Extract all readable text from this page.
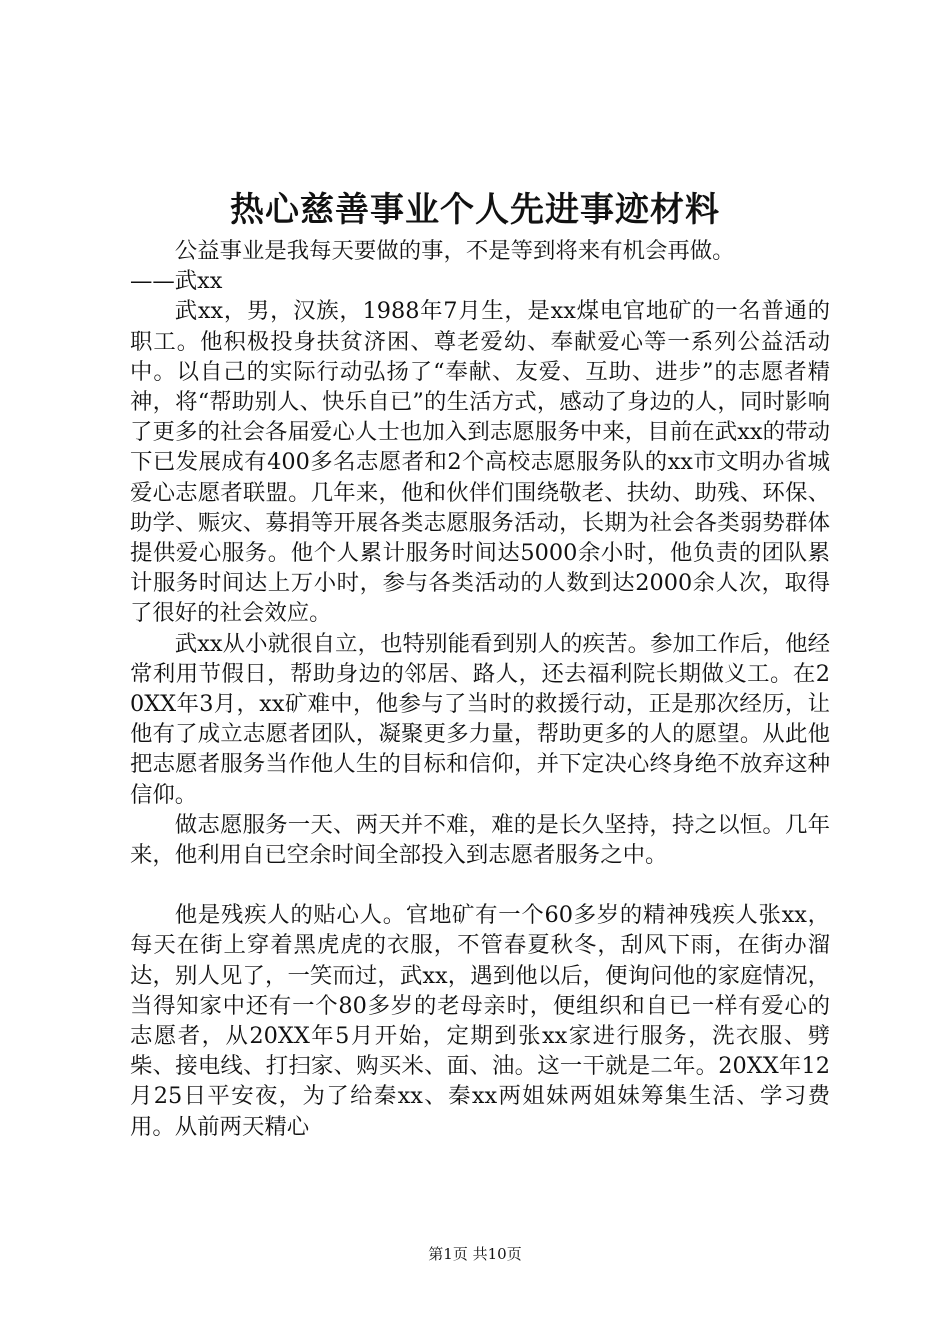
热心慈善事业个人先进事迹材料

公益事业是我每天要做的事，不是等到将来有机会再做。

——武xx

武xx，男，汉族，1988年7月生，是xx煤电官地矿的一名普通的职工。他积极投身扶贫济困、尊老爱幼、奉献爱心等一系列公益活动中。以自己的实际行动弘扬了“奉献、友爱、互助、进步”的志愿者精神，将“帮助别人、快乐自已”的生活方式，感动了身边的人，同时影响了更多的社会各届爱心人士也加入到志愿服务中来，目前在武xx的带动下已发展成有400多名志愿者和2个高校志愿服务队的xx市文明办省城爱心志愿者联盟。几年来，他和伙伴们围绕敬老、扶幼、助残、环保、助学、赈灾、募捐等开展各类志愿服务活动，长期为社会各类弱势群体提供爱心服务。他个人累计服务时间达5000余小时，他负责的团队累计服务时间达上万小时，参与各类活动的人数到达2000余人次，取得了很好的社会效应。

武xx从小就很自立，也特别能看到别人的疾苦。参加工作后，他经常利用节假日，帮助身边的邻居、路人，还去福利院长期做义工。在20XX年3月，xx矿难中，他参与了当时的救援行动，正是那次经历，让他有了成立志愿者团队，凝聚更多力量，帮助更多的人的愿望。从此他把志愿者服务当作他人生的目标和信仰，并下定决心终身绝不放弃这种信仰。

做志愿服务一天、两天并不难，难的是长久坚持，持之以恒。几年来，他利用自已空余时间全部投入到志愿者服务之中。

他是残疾人的贴心人。官地矿有一个60多岁的精神残疾人张xx，每天在街上穿着黑虎虎的衣服，不管春夏秋冬，刮风下雨，在街办溜达，别人见了，一笑而过，武xx，遇到他以后，便询问他的家庭情况，当得知家中还有一个80多岁的老母亲时，便组织和自已一样有爱心的志愿者，从20XX年5月开始，定期到张xx家进行服务，洗衣服、劈柴、接电线、打扫家、购买米、面、油。这一干就是二年。20XX年12月25日平安夜，为了给秦xx、秦xx两姐妹两姐妹筹集生活、学习费用。从前两天精心

第1页 共10页
